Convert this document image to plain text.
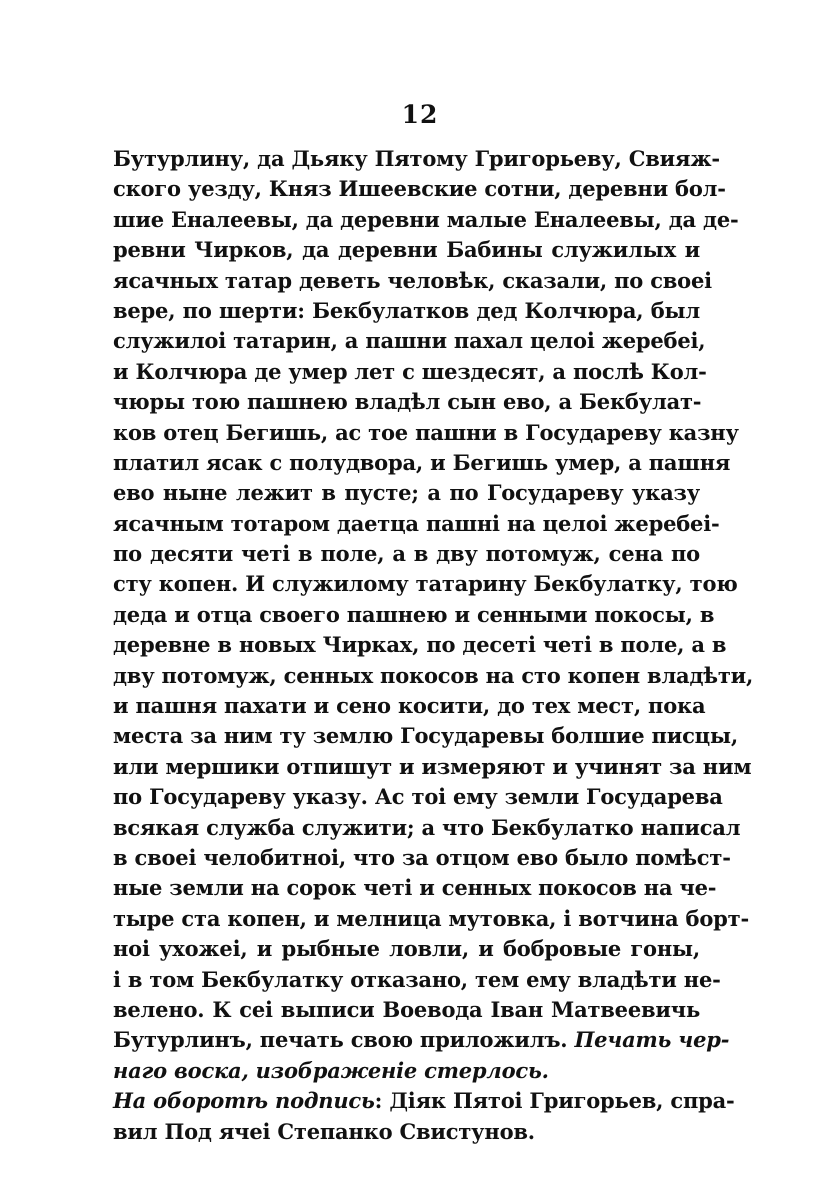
12
Бутурлину, да Дьяку Пятому Григорьеву, Свияж-
ского уезду, Княз Ишеевские сотни, деревни бол-
шие Еналеевы, да деревни малые Еналеевы, да де-
ревни Чирков, да деревни Бабины служилых и
ясачных татар деветь человѣк, сказали, по своеі
вере, по шерти: Бекбулатков дед Колчюра, был
служилоі татарин, а пашни пахал целоі жеребеі,
и Колчюра де умер лет с шездесят, а послѣ Кол-
чюры тою пашнею владѣл сын ево, а Бекбулат-
ков отец Бегишь, ас тое пашни в Государеву казну
платил ясак с полудвора, и Бегишь умер, а пашня
ево ныне лежит в пусте; а по Государеву указу
ясачным тотаром даетца пашні на целоі жеребеі-
по десяти четі в поле, а в дву потомуж, сена по
сту копен. И служилому татарину Бекбулатку, тою
деда и отца своего пашнею и сенными покосы, в
деревне в новых Чирках, по десеті четі в поле, а в
дву потомуж, сенных покосов на сто копен владѣти,
и пашня пахати и сено косити, до тех мест, пока
места за ним ту землю Государевы болшие писцы,
или мершики отпишут и измеряют и учинят за ним
по Государеву указу. Ас тоі ему земли Государева
всякая служба служити; а что Бекбулатко написал
в своеі челобитноі, что за отцом ево было помѣст-
ные земли на сорок четі и сенных покосов на че-
тыре ста копен, и мелница мутовка, і вотчина борт-
ноі ухожеі, и рыбные ловли, и бобровые гоны,
і в том Бекбулатку отказано, тем ему владѣти не-
велено. К сеі выписи Воевода Іван Матвеевичь
Бутурлинъ, печать свою приложилъ. Печать чер-
наго воска, изображеніе стерлось.
На оборотѣ подпись: Діяк Пятоі Григорьев, спра-
вил Под ячеі Степанко Свистунов.
